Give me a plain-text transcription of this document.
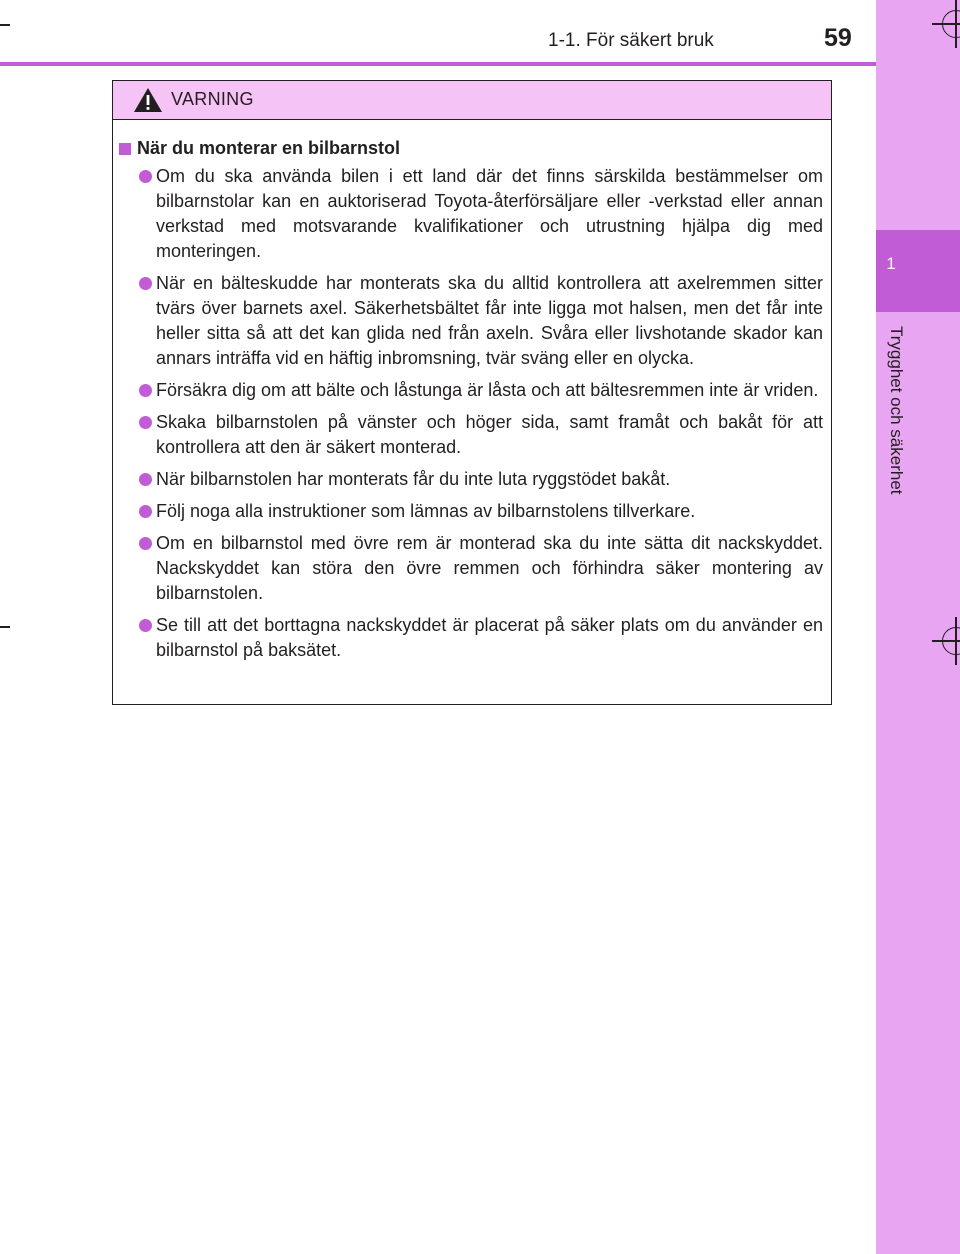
1
Trygghet och säkerhet
1-1. För säkert bruk	59
VARNING
När du monterar en bilbarnstol
Om du ska använda bilen i ett land där det finns särskilda bestämmelser om bilbarnstolar kan en auktoriserad Toyota-återförsäljare eller -verkstad eller annan verkstad med motsvarande kvalifikationer och utrustning hjälpa dig med monteringen.
När en bälteskudde har monterats ska du alltid kontrollera att axelremmen sitter tvärs över barnets axel. Säkerhetsbältet får inte ligga mot halsen, men det får inte heller sitta så att det kan glida ned från axeln. Svåra eller livshotande skador kan annars inträffa vid en häftig inbromsning, tvär sväng eller en olycka.
Försäkra dig om att bälte och låstunga är låsta och att bältesremmen inte är vriden.
Skaka bilbarnstolen på vänster och höger sida, samt framåt och bakåt för att kontrollera att den är säkert monterad.
När bilbarnstolen har monterats får du inte luta ryggstödet bakåt.
Följ noga alla instruktioner som lämnas av bilbarnstolens tillverkare.
Om en bilbarnstol med övre rem är monterad ska du inte sätta dit nackskyddet. Nackskyddet kan störa den övre remmen och förhindra säker montering av bilbarnstolen.
Se till att det borttagna nackskyddet är placerat på säker plats om du använder en bilbarnstol på baksätet.
